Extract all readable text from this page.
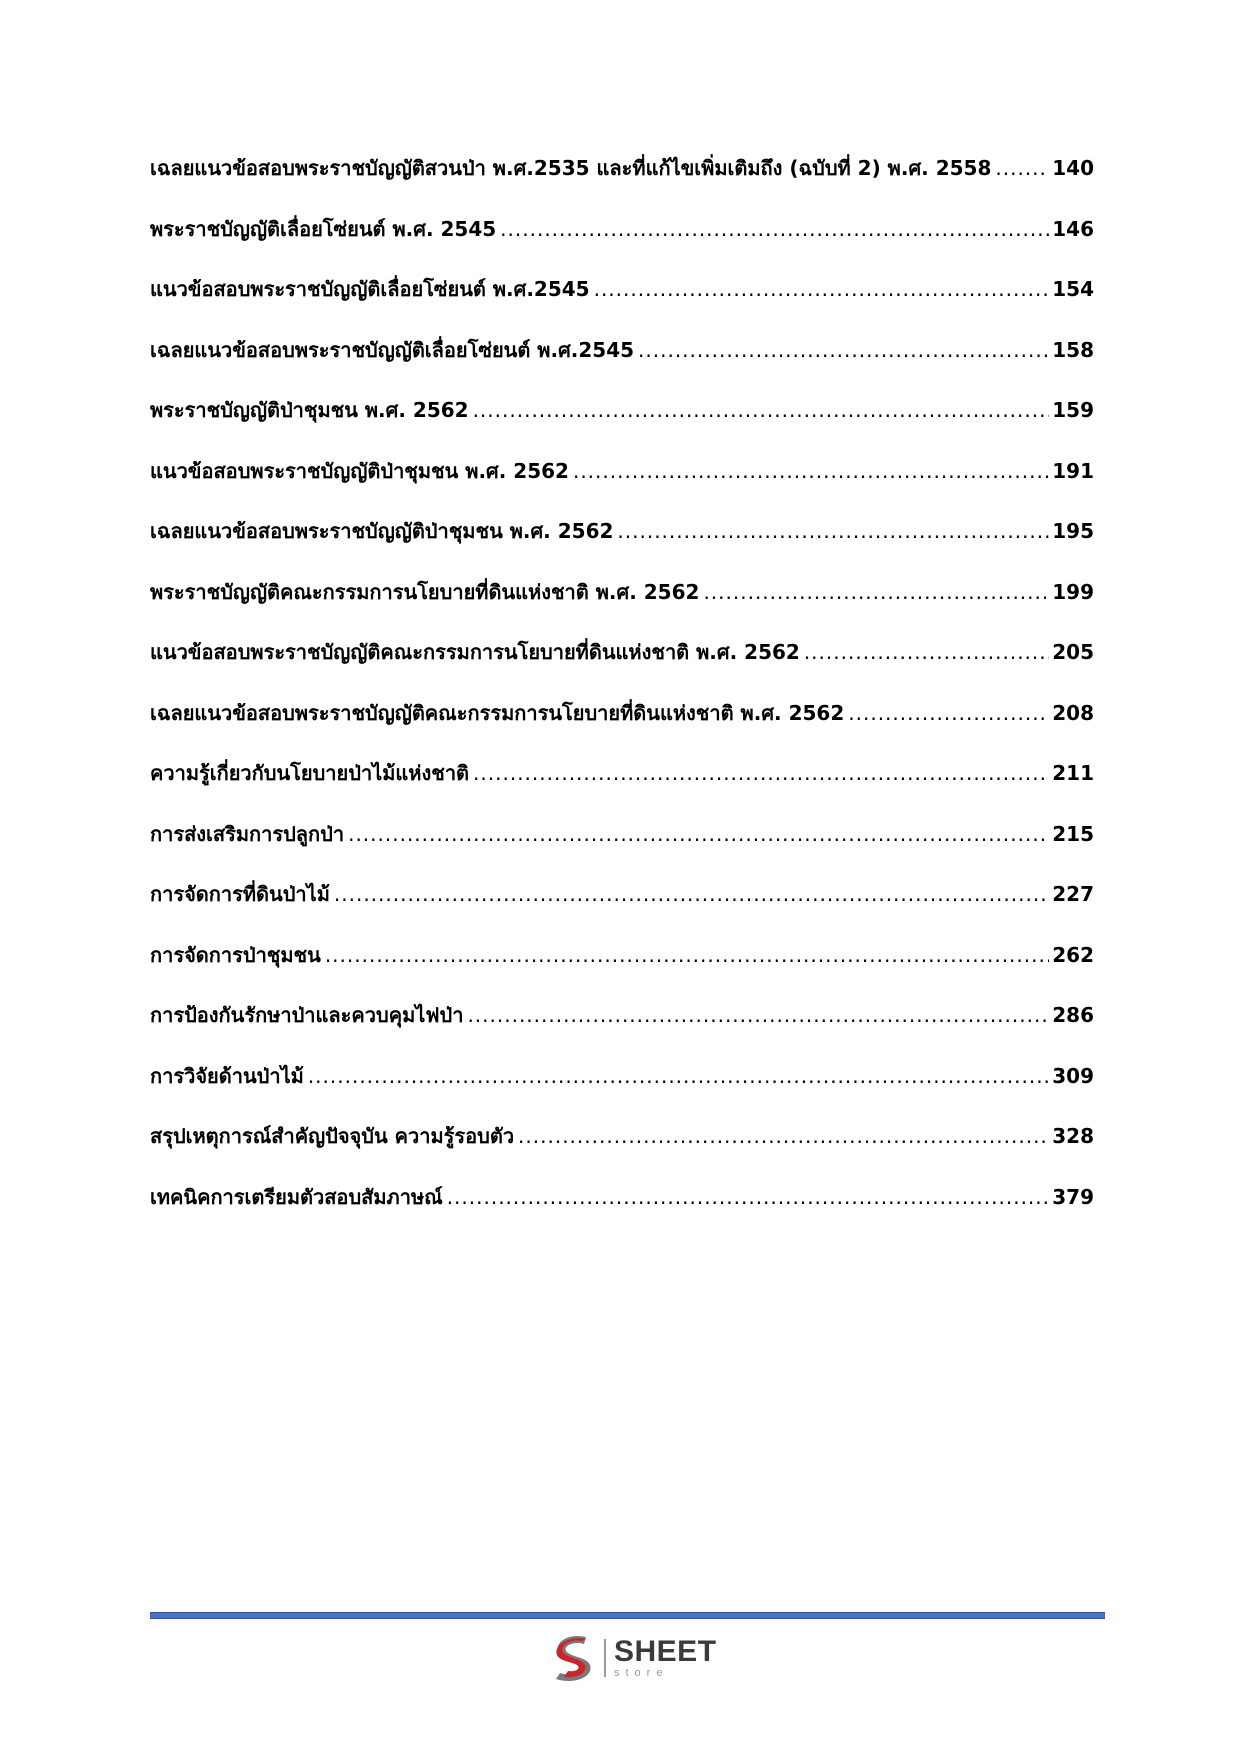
เฉลยแนวข้อสอบพระราชบัญญัติสวนป่า พ.ศ.2535 และที่แก้ไขเพิ่มเติมถึง (ฉบับที่ 2) พ.ศ. 2558 .....	140
พระราชบัญญัติเลื่อยโซ่ยนต์ พ.ศ. 2545 .....	146
แนวข้อสอบพระราชบัญญัติเลื่อยโซ่ยนต์ พ.ศ.2545 .....	154
เฉลยแนวข้อสอบพระราชบัญญัติเลื่อยโซ่ยนต์ พ.ศ.2545 .....	158
พระราชบัญญัติป่าชุมชน พ.ศ. 2562 .....	159
แนวข้อสอบพระราชบัญญัติป่าชุมชน พ.ศ. 2562 .....	191
เฉลยแนวข้อสอบพระราชบัญญัติป่าชุมชน พ.ศ. 2562 .....	195
พระราชบัญญัติคณะกรรมการนโยบายที่ดินแห่งชาติ พ.ศ. 2562 .....	199
แนวข้อสอบพระราชบัญญัติคณะกรรมการนโยบายที่ดินแห่งชาติ พ.ศ. 2562 .....	205
เฉลยแนวข้อสอบพระราชบัญญัติคณะกรรมการนโยบายที่ดินแห่งชาติ พ.ศ. 2562 .....	208
ความรู้เกี่ยวกับนโยบายป่าไม้แห่งชาติ .....	211
การส่งเสริมการปลูกป่า .....	215
การจัดการที่ดินป่าไม้ .....	227
การจัดการป่าชุมชน .....	262
การป้องกันรักษาป่าและควบคุมไฟป่า .....	286
การวิจัยด้านป่าไม้ .....	309
สรุปเหตุการณ์สำคัญปัจจุบัน ความรู้รอบตัว .....	328
เทคนิคการเตรียมตัวสอบสัมภาษณ์ .....	379
SHEET
store
